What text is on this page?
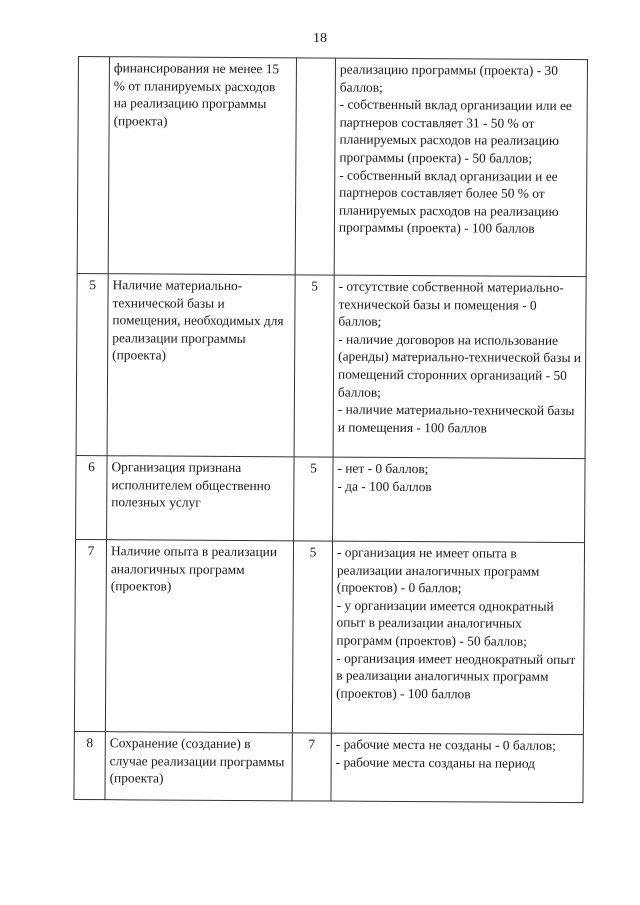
18
	финансирования не менее 15 % от планируемых расходов на реализацию программы (проекта)		реализацию программы (проекта) - 30 баллов;
- собственный вклад организации или ее партнеров составляет 31 - 50 % от планируемых расходов на реализацию программы (проекта) - 50 баллов;
- собственный вклад организации и ее партнеров составляет более 50 % от планируемых расходов на реализацию программы (проекта) - 100 баллов

5	Наличие материально-технической базы и помещения, необходимых для реализации программы (проекта)	5	- отсутствие собственной материально-технической базы и помещения - 0 баллов;
- наличие договоров на использование (аренды) материально-технической базы и помещений сторонних организаций - 50 баллов;
- наличие материально-технической базы и помещения - 100 баллов

6	Организация признана исполнителем общественно полезных услуг	5	- нет - 0 баллов;
- да - 100 баллов

7	Наличие опыта в реализации аналогичных программ (проектов)	5	- организация не имеет опыта в реализации аналогичных программ (проектов) - 0 баллов;
- у организации имеется однократный опыт в реализации аналогичных программ (проектов) - 50 баллов;
- организация имеет неоднократный опыт в реализации аналогичных программ (проектов) - 100 баллов

8	Сохранение (создание) в случае реализации программы (проекта)	7	- рабочие места не созданы - 0 баллов;
- рабочие места созданы на период
